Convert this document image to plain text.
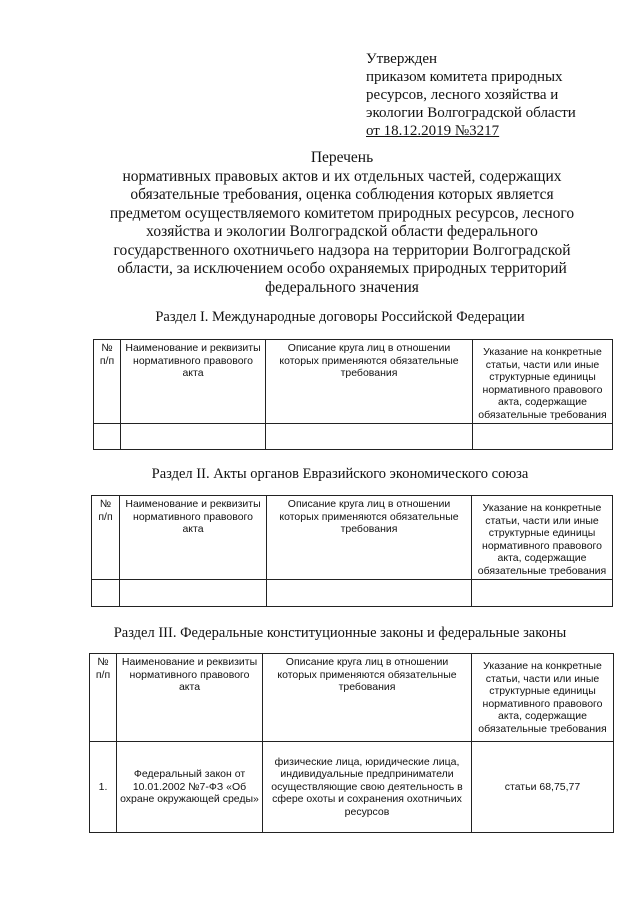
Утвержден
приказом комитета природных
ресурсов, лесного хозяйства и
экологии Волгоградской области
от 18.12.2019 №3217
Перечень
нормативных правовых актов и их отдельных частей, содержащих
обязательные требования, оценка соблюдения которых является
предметом осуществляемого комитетом природных ресурсов, лесного
хозяйства и экологии Волгоградской области федерального
государственного охотничьего надзора на территории Волгоградской
области, за исключением особо охраняемых природных территорий
федерального значения
Раздел I. Международные договоры Российской Федерации
№ п/п	Наименование и реквизиты нормативного правового акта	Описание круга лиц в отношении которых применяются обязательные требования	Указание на конкретные статьи, части или иные структурные единицы нормативного правового акта, содержащие обязательные требования

Раздел II. Акты органов Евразийского экономического союза
№ п/п	Наименование и реквизиты нормативного правового акта	Описание круга лиц в отношении которых применяются обязательные требования	Указание на конкретные статьи, части или иные структурные единицы нормативного правового акта, содержащие обязательные требования

Раздел III. Федеральные конституционные законы и федеральные законы
№ п/п	Наименование и реквизиты нормативного правового акта	Описание круга лиц в отношении которых применяются обязательные требования	Указание на конкретные статьи, части или иные структурные единицы нормативного правового акта, содержащие обязательные требования
1.	Федеральный закон от 10.01.2002 №7-ФЗ «Об охране окружающей среды»	физические лица, юридические лица, индивидуальные предприниматели осуществляющие свою деятельность в сфере охоты и сохранения охотничьих ресурсов	статьи 68,75,77
